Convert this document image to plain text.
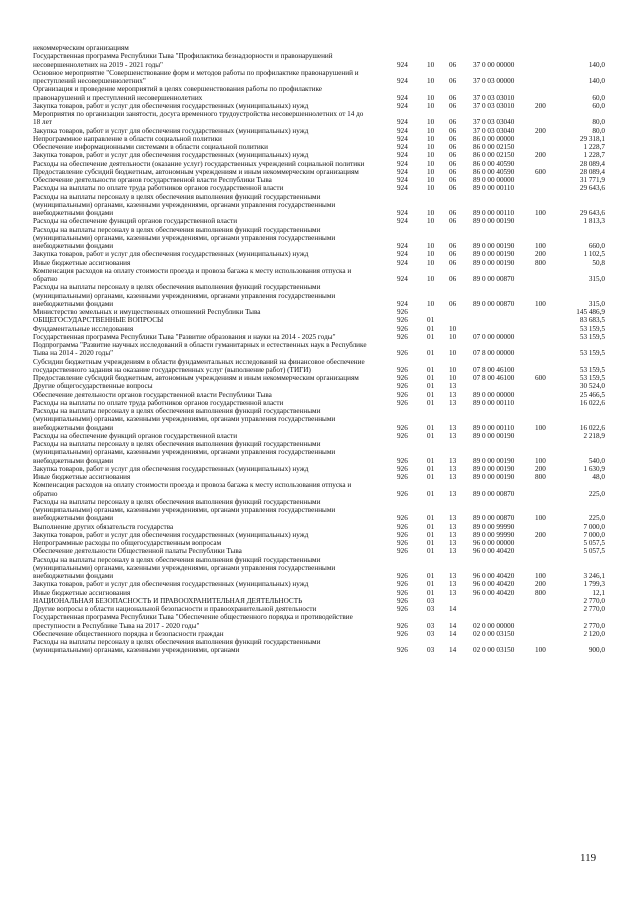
некоммерческим организациям
Государственная программа Республики Тыва "Профилактика безнадзорности и правонарушений несовершеннолетних на 2019 - 2021 годы"	924	10	06	37 0 00 00000	140,0
Основное мероприятие "Совершенствование форм и методов работы по профилактике правонарушений и преступлений несовершеннолетних"	924	10	06	37 0 03 00000	140,0
Организация и проведение мероприятий в целях совершенствования работы по профилактике правонарушений и преступлений несовершеннолетних	924	10	06	37 0 03 03010	60,0
Закупка товаров, работ и услуг для обеспечения государственных (муниципальных) нужд	924	10	06	37 0 03 03010	200	60,0
Мероприятия по организации занятости, досуга временного трудоустройства несовершеннолетних от 14 до 18 лет	924	10	06	37 0 03 03040	80,0
Закупка товаров, работ и услуг для обеспечения государственных (муниципальных) нужд	924	10	06	37 0 03 03040	200	80,0
Непрограммное направление в области социальной политики	924	10	06	86 0 00 00000	29 318,1
Обеспечение информационными системами в области социальной политики	924	10	06	86 0 00 02150	1 228,7
Закупка товаров, работ и услуг для обеспечения государственных (муниципальных) нужд	924	10	06	86 0 00 02150	200	1 228,7
Расходы на обеспечение деятельности (оказание услуг) государственных учреждений социальной политики	924	10	06	86 0 00 40590	28 089,4
Предоставление субсидий бюджетным, автономным учреждениям и иным некоммерческим организациям	924	10	06	86 0 00 40590	600	28 089,4
Обеспечение деятельности органов государственной власти Республики Тыва	924	10	06	89 0 00 00000	31 771,9
Расходы на выплаты по оплате труда работников органов государственной власти	924	10	06	89 0 00 00110	29 643,6
Расходы на выплаты персоналу в целях обеспечения выполнения функций государственными (муниципальными) органами, казенными учреждениями, органами управления государственными внебюджетными фондами	924	10	06	89 0 00 00110	100	29 643,6
Расходы на обеспечение функций органов государственной власти	924	10	06	89 0 00 00190	1 813,3
Расходы на выплаты персоналу в целях обеспечения выполнения функций государственными (муниципальными) органами, казенными учреждениями, органами управления государственными внебюджетными фондами	924	10	06	89 0 00 00190	100	660,0
Закупка товаров, работ и услуг для обеспечения государственных (муниципальных) нужд	924	10	06	89 0 00 00190	200	1 102,5
Иные бюджетные ассигнования	924	10	06	89 0 00 00190	800	50,8
Компенсация расходов на оплату стоимости проезда и провоза багажа к месту использования отпуска и обратно	924	10	06	89 0 00 00870	315,0
Расходы на выплаты персоналу в целях обеспечения выполнения функций государственными (муниципальными) органами, казенными учреждениями, органами управления государственными внебюджетными фондами	924	10	06	89 0 00 00870	100	315,0
Министерство земельных и имущественных отношений Республики Тыва	926	145 486,9
ОБЩЕГОСУДАРСТВЕННЫЕ ВОПРОСЫ	926	01	83 683,5
Фундаментальные исследования	926	01	10	53 159,5
Государственная программа Республики Тыва "Развитие образования и науки на 2014 - 2025 годы"	926	01	10	07 0 00 00000	53 159,5
Подпрограмма "Развитие научных исследований в области гуманитарных и естественных наук в Республике Тыва на 2014 - 2020 годы"	926	01	10	07 8 00 00000	53 159,5
Субсидии бюджетным учреждениям в области фундаментальных исследований на финансовое обеспечение государственного задания на оказание государственных услуг (выполнение работ) (ТИГИ)	926	01	10	07 8 00 46100	53 159,5
Предоставление субсидий бюджетным, автономным учреждениям и иным некоммерческим организациям	926	01	10	07 8 00 46100	600	53 159,5
Другие общегосударственные вопросы	926	01	13	30 524,0
Обеспечение деятельности органов государственной власти Республики Тыва	926	01	13	89 0 00 00000	25 466,5
Расходы на выплаты по оплате труда работников органов государственной власти	926	01	13	89 0 00 00110	16 022,6
Расходы на выплаты персоналу в целях обеспечения выполнения функций государственными (муниципальными) органами, казенными учреждениями, органами управления государственными внебюджетными фондами	926	01	13	89 0 00 00110	100	16 022,6
Расходы на обеспечение функций органов государственной власти	926	01	13	89 0 00 00190	2 218,9
Расходы на выплаты персоналу в целях обеспечения выполнения функций государственными (муниципальными) органами, казенными учреждениями, органами управления государственными внебюджетными фондами	926	01	13	89 0 00 00190	100	540,0
Закупка товаров, работ и услуг для обеспечения государственных (муниципальных) нужд	926	01	13	89 0 00 00190	200	1 630,9
Иные бюджетные ассигнования	926	01	13	89 0 00 00190	800	48,0
Компенсация расходов на оплату стоимости проезда и провоза багажа к месту использования отпуска и обратно	926	01	13	89 0 00 00870	225,0
Расходы на выплаты персоналу в целях обеспечения выполнения функций государственными (муниципальными) органами, казенными учреждениями, органами управления государственными внебюджетными фондами	926	01	13	89 0 00 00870	100	225,0
Выполнение других обязательств государства	926	01	13	89 0 00 99990	7 000,0
Закупка товаров, работ и услуг для обеспечения государственных (муниципальных) нужд	926	01	13	89 0 00 99990	200	7 000,0
Непрограммные расходы по общегосударственным вопросам	926	01	13	96 0 00 00000	5 057,5
Обеспечение деятельности Общественной палаты Республики Тыва	926	01	13	96 0 00 40420	5 057,5
Расходы на выплаты персоналу в целях обеспечения выполнения функций государственными (муниципальными) органами, казенными учреждениями, органами управления государственными внебюджетными фондами	926	01	13	96 0 00 40420	100	3 246,1
Закупка товаров, работ и услуг для обеспечения государственных (муниципальных) нужд	926	01	13	96 0 00 40420	200	1 799,3
Иные бюджетные ассигнования	926	01	13	96 0 00 40420	800	12,1
НАЦИОНАЛЬНАЯ БЕЗОПАСНОСТЬ И ПРАВООХРАНИТЕЛЬНАЯ ДЕЯТЕЛЬНОСТЬ	926	03	2 770,0
Другие вопросы в области национальной безопасности и правоохранительной деятельности	926	03	14	2 770,0
Государственная программа Республики Тыва "Обеспечение общественного порядка и противодействие преступности в Республике Тыва на 2017 - 2020 годы"	926	03	14	02 0 00 00000	2 770,0
Обеспечение общественного порядка и безопасности граждан	926	03	14	02 0 00 03150	2 120,0
Расходы на выплаты персоналу в целях обеспечения выполнения функций государственными (муниципальными) органами, казенными учреждениями, органами	926	03	14	02 0 00 03150	100	900,0
119
